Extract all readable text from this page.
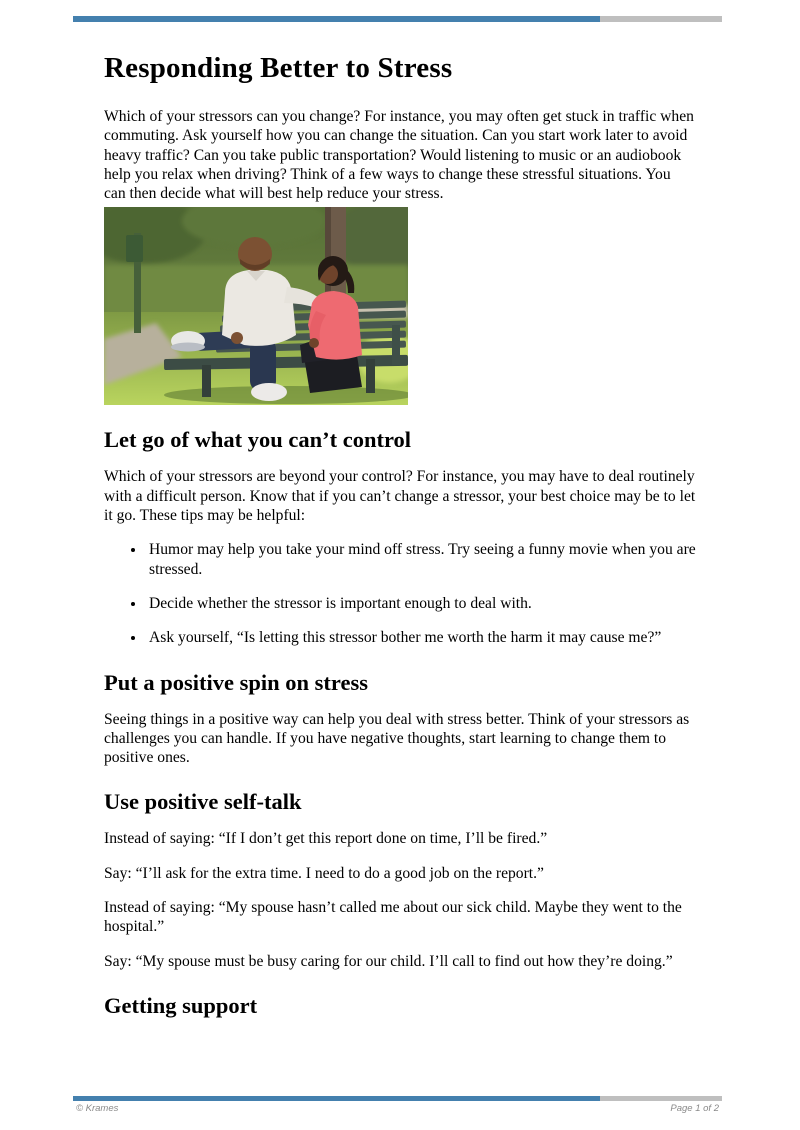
Responding Better to Stress

Which of your stressors can you change? For instance, you may often get stuck in traffic when commuting. Ask yourself how you can change the situation. Can you start work later to avoid heavy traffic? Can you take public transportation? Would listening to music or an audiobook help you relax when driving? Think of a few ways to change these stressful situations. You can then decide what will best help reduce your stress.

Let go of what you can’t control

Which of your stressors are beyond your control? For instance, you may have to deal routinely with a difficult person. Know that if you can’t change a stressor, your best choice may be to let it go. These tips may be helpful:

• Humor may help you take your mind off stress. Try seeing a funny movie when you are stressed.
• Decide whether the stressor is important enough to deal with.
• Ask yourself, “Is letting this stressor bother me worth the harm it may cause me?”
Put a positive spin on stress

Seeing things in a positive way can help you deal with stress better. Think of your stressors as challenges you can handle. If you have negative thoughts, start learning to change them to positive ones.

Use positive self-talk

Instead of saying: “If I don’t get this report done on time, I’ll be fired.”

Say: “I’ll ask for the extra time. I need to do a good job on the report.”

Instead of saying: “My spouse hasn’t called me about our sick child. Maybe they went to the hospital.”

Say: “My spouse must be busy caring for our child. I’ll call to find out how they’re doing.”

Getting support
© Krames	Page 1 of 2
